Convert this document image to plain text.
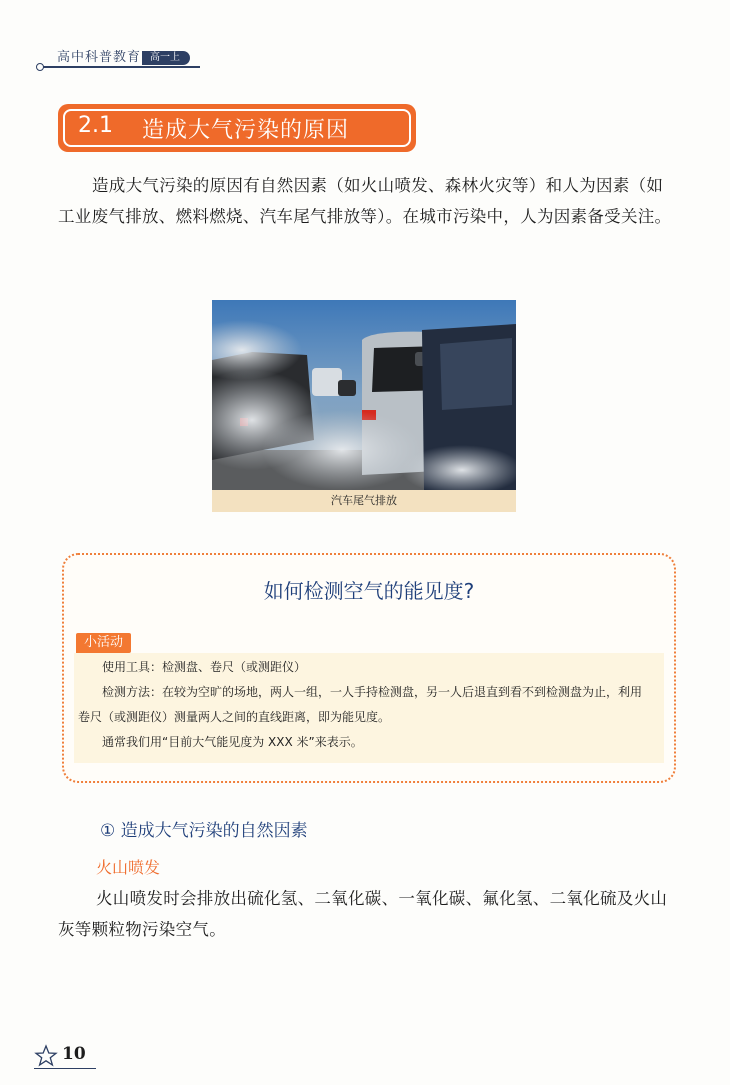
高中科普教育 高一上
2.1 造成大气污染的原因

造成大气污染的原因有自然因素（如火山喷发、森林火灾等）和人为因素（如工业废气排放、燃料燃烧、汽车尾气排放等）。在城市污染中，人为因素备受关注。

汽车尾气排放
如何检测空气的能见度?
小活动

使用工具：检测盘、卷尺（或测距仪）

检测方法：在较为空旷的场地，两人一组，一人手持检测盘，另一人后退直到看不到检测盘为止，利用卷尺（或测距仪）测量两人之间的直线距离，即为能见度。

通常我们用“目前大气能见度为 XXX 米”来表示。

① 造成大气污染的自然因素
火山喷发

火山喷发时会排放出硫化氢、二氧化碳、一氧化碳、氟化氢、二氧化硫及火山灰等颗粒物污染空气。

10
